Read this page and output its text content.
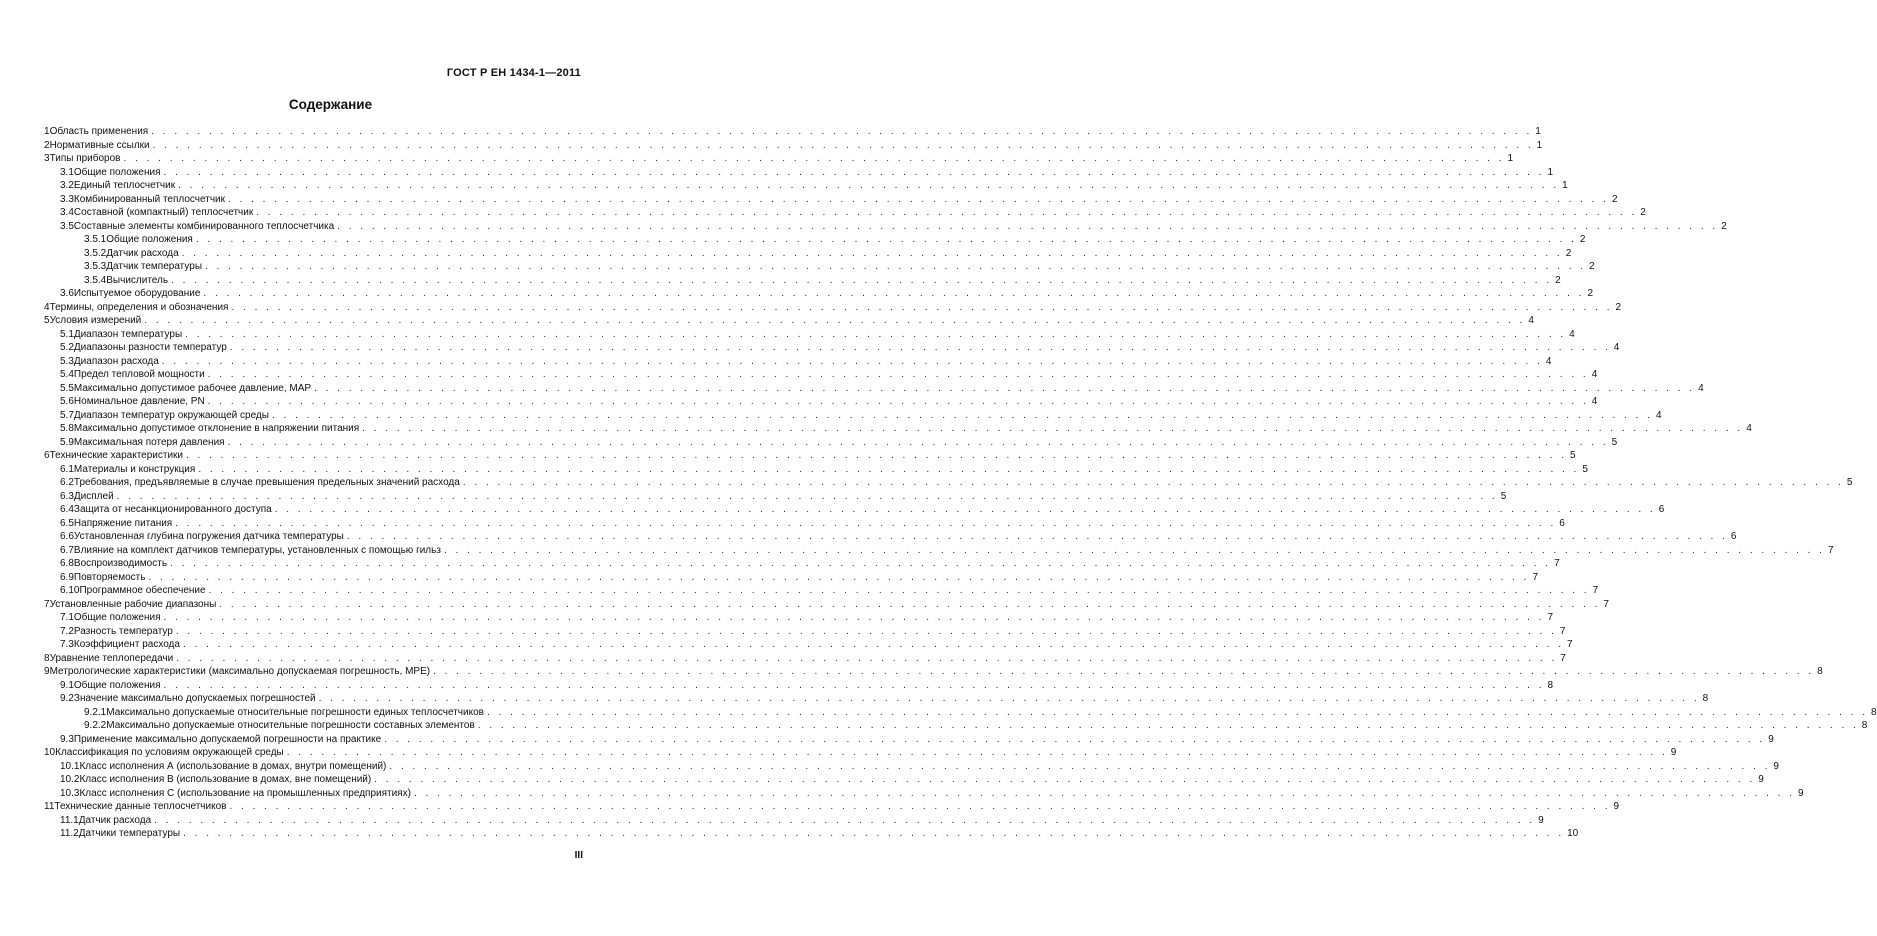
ГОСТ Р ЕН 1434-1—2011
Содержание
1 Область применения . . . . . . . . . . . . . . . . . . . . . . . . . . . . . . . . . . . . . . . . . . . . . . . . . . . . . . . . . . . . . . . . . . . . . . . . . . . . . . . . . . . . . . . . . . . . . . . . . . . . . . . . . . . . . . . . . . . . . . . . 1
2 Нормативные ссылки . . . . . . . . . . . . . . . . . . . . . . . . . . . . . . . . . . . . . . . . . . . . . . . . . . . . . . . . . . . . . . . . . . . . . . . . . . . . . . . . . . . . . . . . . . . . . . . . . . . . . . . . . . . . . . . . . . . . . . . . 1
3 Типы приборов . . . . . . . . . . . . . . . . . . . . . . . . . . . . . . . . . . . . . . . . . . . . . . . . . . . . . . . . . . . . . . . . . . . . . . . . . . . . . . . . . . . . . . . . . . . . . . . . . . . . . . . . . . . . . . . . . . . . . . . . 1
3.1 Общие положения . . . . . . . . . . . . . . . . . . . . . . . . . . . . . . . . . . . . . . . . . . . . . . . . . . . . . . . . . . . . . . . . . . . . . . . . . . . . . . . . . . . . . . . . . . . . . . . . . . . . . . . . . . . . . . . . . . . . . . . . 1
3.2 Единый теплосчетчик . . . . . . . . . . . . . . . . . . . . . . . . . . . . . . . . . . . . . . . . . . . . . . . . . . . . . . . . . . . . . . . . . . . . . . . . . . . . . . . . . . . . . . . . . . . . . . . . . . . . . . . . . . . . . . . . . . . . . . . . 1
3.3 Комбинированный теплосчетчик . . . . . . . . . . . . . . . . . . . . . . . . . . . . . . . . . . . . . . . . . . . . . . . . . . . . . . . . . . . . . . . . . . . . . . . . . . . . . . . . . . . . . . . . . . . . . . . . . . . . . . . . . . . . . . . . . . . . . . . . 2
3.4 Составной (компактный) теплосчетчик . . . . . . . . . . . . . . . . . . . . . . . . . . . . . . . . . . . . . . . . . . . . . . . . . . . . . . . . . . . . . . . . . . . . . . . . . . . . . . . . . . . . . . . . . . . . . . . . . . . . . . . . . . . . . . . . . . . . . . . . 2
3.5 Составные элементы комбинированного теплосчетчика . . . . . . . . . . . . . . . . . . . . . . . . . . . . . . . . . . . . . . . . . . . . . . . . . . . . . . . . . . . . . . . . . . . . . . . . . . . . . . . . . . . . . . . . . . . . . . . . . . . . . . . . . . . . . . . . . . . . . . . . 2
3.5.1 Общие положения . . . . . . . . . . . . . . . . . . . . . . . . . . . . . . . . . . . . . . . . . . . . . . . . . . . . . . . . . . . . . . . . . . . . . . . . . . . . . . . . . . . . . . . . . . . . . . . . . . . . . . . . . . . . . . . . . . . . . . . . 2
3.5.2 Датчик расхода . . . . . . . . . . . . . . . . . . . . . . . . . . . . . . . . . . . . . . . . . . . . . . . . . . . . . . . . . . . . . . . . . . . . . . . . . . . . . . . . . . . . . . . . . . . . . . . . . . . . . . . . . . . . . . . . . . . . . . . . 2
3.5.3 Датчик температуры . . . . . . . . . . . . . . . . . . . . . . . . . . . . . . . . . . . . . . . . . . . . . . . . . . . . . . . . . . . . . . . . . . . . . . . . . . . . . . . . . . . . . . . . . . . . . . . . . . . . . . . . . . . . . . . . . . . . . . . . 2
3.5.4 Вычислитель . . . . . . . . . . . . . . . . . . . . . . . . . . . . . . . . . . . . . . . . . . . . . . . . . . . . . . . . . . . . . . . . . . . . . . . . . . . . . . . . . . . . . . . . . . . . . . . . . . . . . . . . . . . . . . . . . . . . . . . . 2
3.6 Испытуемое оборудование . . . . . . . . . . . . . . . . . . . . . . . . . . . . . . . . . . . . . . . . . . . . . . . . . . . . . . . . . . . . . . . . . . . . . . . . . . . . . . . . . . . . . . . . . . . . . . . . . . . . . . . . . . . . . . . . . . . . . . . . 2
4 Термины, определения и обозначения . . . . . . . . . . . . . . . . . . . . . . . . . . . . . . . . . . . . . . . . . . . . . . . . . . . . . . . . . . . . . . . . . . . . . . . . . . . . . . . . . . . . . . . . . . . . . . . . . . . . . . . . . . . . . . . . . . . . . . . . 2
5 Условия измерений . . . . . . . . . . . . . . . . . . . . . . . . . . . . . . . . . . . . . . . . . . . . . . . . . . . . . . . . . . . . . . . . . . . . . . . . . . . . . . . . . . . . . . . . . . . . . . . . . . . . . . . . . . . . . . . . . . . . . . . . 4
5.1 Диапазон температуры . . . . . . . . . . . . . . . . . . . . . . . . . . . . . . . . . . . . . . . . . . . . . . . . . . . . . . . . . . . . . . . . . . . . . . . . . . . . . . . . . . . . . . . . . . . . . . . . . . . . . . . . . . . . . . . . . . . . . . . . 4
5.2 Диапазоны разности температур . . . . . . . . . . . . . . . . . . . . . . . . . . . . . . . . . . . . . . . . . . . . . . . . . . . . . . . . . . . . . . . . . . . . . . . . . . . . . . . . . . . . . . . . . . . . . . . . . . . . . . . . . . . . . . . . . . . . . . . . 4
5.3 Диапазон расхода . . . . . . . . . . . . . . . . . . . . . . . . . . . . . . . . . . . . . . . . . . . . . . . . . . . . . . . . . . . . . . . . . . . . . . . . . . . . . . . . . . . . . . . . . . . . . . . . . . . . . . . . . . . . . . . . . . . . . . . . 4
5.4 Предел тепловой мощности . . . . . . . . . . . . . . . . . . . . . . . . . . . . . . . . . . . . . . . . . . . . . . . . . . . . . . . . . . . . . . . . . . . . . . . . . . . . . . . . . . . . . . . . . . . . . . . . . . . . . . . . . . . . . . . . . . . . . . . . 4
5.5 Максимально допустимое рабочее давление, MAP . . . . . . . . . . . . . . . . . . . . . . . . . . . . . . . . . . . . . . . . . . . . . . . . . . . . . . . . . . . . . . . . . . . . . . . . . . . . . . . . . . . . . . . . . . . . . . . . . . . . . . . . . . . . . . . . . . . . . . . . 4
5.6 Номинальное давление, PN . . . . . . . . . . . . . . . . . . . . . . . . . . . . . . . . . . . . . . . . . . . . . . . . . . . . . . . . . . . . . . . . . . . . . . . . . . . . . . . . . . . . . . . . . . . . . . . . . . . . . . . . . . . . . . . . . . . . . . . . 4
5.7 Диапазон температур окружающей среды . . . . . . . . . . . . . . . . . . . . . . . . . . . . . . . . . . . . . . . . . . . . . . . . . . . . . . . . . . . . . . . . . . . . . . . . . . . . . . . . . . . . . . . . . . . . . . . . . . . . . . . . . . . . . . . . . . . . . . . . 4
5.8 Максимально допустимое отклонение в напряжении питания . . . . . . . . . . . . . . . . . . . . . . . . . . . . . . . . . . . . . . . . . . . . . . . . . . . . . . . . . . . . . . . . . . . . . . . . . . . . . . . . . . . . . . . . . . . . . . . . . . . . . . . . . . . . . . . . . . . . . . . . 4
5.9 Максимальная потеря давления . . . . . . . . . . . . . . . . . . . . . . . . . . . . . . . . . . . . . . . . . . . . . . . . . . . . . . . . . . . . . . . . . . . . . . . . . . . . . . . . . . . . . . . . . . . . . . . . . . . . . . . . . . . . . . . . . . . . . . . . 5
6 Технические характеристики . . . . . . . . . . . . . . . . . . . . . . . . . . . . . . . . . . . . . . . . . . . . . . . . . . . . . . . . . . . . . . . . . . . . . . . . . . . . . . . . . . . . . . . . . . . . . . . . . . . . . . . . . . . . . . . . . . . . . . . . 5
6.1 Материалы и конструкция . . . . . . . . . . . . . . . . . . . . . . . . . . . . . . . . . . . . . . . . . . . . . . . . . . . . . . . . . . . . . . . . . . . . . . . . . . . . . . . . . . . . . . . . . . . . . . . . . . . . . . . . . . . . . . . . . . . . . . . . 5
6.2 Требования, предъявляемые в случае превышения предельных значений расхода . . . . . . . . . . . . . . . . . . . . . . . . . . . . . . . . . . . . . . . . . . . . . . . . . . . . . . . . . . . . . . . . . . . . . . . . . . . . . . . . . . . . . . . . . . . . . . . . . . . . . . . . . . . . . . . . . . . . . . . . 5
6.3 Дисплей . . . . . . . . . . . . . . . . . . . . . . . . . . . . . . . . . . . . . . . . . . . . . . . . . . . . . . . . . . . . . . . . . . . . . . . . . . . . . . . . . . . . . . . . . . . . . . . . . . . . . . . . . . . . . . . . . . . . . . . . 5
6.4 Защита от несанкционированного доступа . . . . . . . . . . . . . . . . . . . . . . . . . . . . . . . . . . . . . . . . . . . . . . . . . . . . . . . . . . . . . . . . . . . . . . . . . . . . . . . . . . . . . . . . . . . . . . . . . . . . . . . . . . . . . . . . . . . . . . . . 6
6.5 Напряжение питания . . . . . . . . . . . . . . . . . . . . . . . . . . . . . . . . . . . . . . . . . . . . . . . . . . . . . . . . . . . . . . . . . . . . . . . . . . . . . . . . . . . . . . . . . . . . . . . . . . . . . . . . . . . . . . . . . . . . . . . . 6
6.6 Установленная глубина погружения датчика температуры . . . . . . . . . . . . . . . . . . . . . . . . . . . . . . . . . . . . . . . . . . . . . . . . . . . . . . . . . . . . . . . . . . . . . . . . . . . . . . . . . . . . . . . . . . . . . . . . . . . . . . . . . . . . . . . . . . . . . . . . 6
6.7 Влияние на комплект датчиков температуры, установленных с помощью гильз . . . . . . . . . . . . . . . . . . . . . . . . . . . . . . . . . . . . . . . . . . . . . . . . . . . . . . . . . . . . . . . . . . . . . . . . . . . . . . . . . . . . . . . . . . . . . . . . . . . . . . . . . . . . . . . . . . . . . . . . 7
6.8 Воспроизводимость . . . . . . . . . . . . . . . . . . . . . . . . . . . . . . . . . . . . . . . . . . . . . . . . . . . . . . . . . . . . . . . . . . . . . . . . . . . . . . . . . . . . . . . . . . . . . . . . . . . . . . . . . . . . . . . . . . . . . . . . 7
6.9 Повторяемость . . . . . . . . . . . . . . . . . . . . . . . . . . . . . . . . . . . . . . . . . . . . . . . . . . . . . . . . . . . . . . . . . . . . . . . . . . . . . . . . . . . . . . . . . . . . . . . . . . . . . . . . . . . . . . . . . . . . . . . . 7
6.10 Программное обеспечение . . . . . . . . . . . . . . . . . . . . . . . . . . . . . . . . . . . . . . . . . . . . . . . . . . . . . . . . . . . . . . . . . . . . . . . . . . . . . . . . . . . . . . . . . . . . . . . . . . . . . . . . . . . . . . . . . . . . . . . . 7
7 Установленные рабочие диапазоны . . . . . . . . . . . . . . . . . . . . . . . . . . . . . . . . . . . . . . . . . . . . . . . . . . . . . . . . . . . . . . . . . . . . . . . . . . . . . . . . . . . . . . . . . . . . . . . . . . . . . . . . . . . . . . . . . . . . . . . . 7
7.1 Общие положения . . . . . . . . . . . . . . . . . . . . . . . . . . . . . . . . . . . . . . . . . . . . . . . . . . . . . . . . . . . . . . . . . . . . . . . . . . . . . . . . . . . . . . . . . . . . . . . . . . . . . . . . . . . . . . . . . . . . . . . . 7
7.2 Разность температур . . . . . . . . . . . . . . . . . . . . . . . . . . . . . . . . . . . . . . . . . . . . . . . . . . . . . . . . . . . . . . . . . . . . . . . . . . . . . . . . . . . . . . . . . . . . . . . . . . . . . . . . . . . . . . . . . . . . . . . . 7
7.3 Коэффициент расхода . . . . . . . . . . . . . . . . . . . . . . . . . . . . . . . . . . . . . . . . . . . . . . . . . . . . . . . . . . . . . . . . . . . . . . . . . . . . . . . . . . . . . . . . . . . . . . . . . . . . . . . . . . . . . . . . . . . . . . . . 7
8 Уравнение теплопередачи . . . . . . . . . . . . . . . . . . . . . . . . . . . . . . . . . . . . . . . . . . . . . . . . . . . . . . . . . . . . . . . . . . . . . . . . . . . . . . . . . . . . . . . . . . . . . . . . . . . . . . . . . . . . . . . . . . . . . . . . 7
9 Метрологические характеристики (максимально допускаемая погрешность, MPE) . . . . . . . . . . . . . . . . . . . . . . . . . . . . . . . . . . . . . . . . . . . . . . . . . . . . . . . . . . . . . . . . . . . . . . . . . . . . . . . . . . . . . . . . . . . . . . . . . . . . . . . . . . . . . . . . . . . . . . . . 8
9.1 Общие положения . . . . . . . . . . . . . . . . . . . . . . . . . . . . . . . . . . . . . . . . . . . . . . . . . . . . . . . . . . . . . . . . . . . . . . . . . . . . . . . . . . . . . . . . . . . . . . . . . . . . . . . . . . . . . . . . . . . . . . . . 8
9.2 Значение максимально допускаемых погрешностей . . . . . . . . . . . . . . . . . . . . . . . . . . . . . . . . . . . . . . . . . . . . . . . . . . . . . . . . . . . . . . . . . . . . . . . . . . . . . . . . . . . . . . . . . . . . . . . . . . . . . . . . . . . . . . . . . . . . . . . . 8
9.2.1 Максимально допускаемые относительные погрешности единых теплосчетчиков . . . . . . . . . . . . . . . . . . . . . . . . . . . . . . . . . . . . . . . . . . . . . . . . . . . . . . . . . . . . . . . . . . . . . . . . . . . . . . . . . . . . . . . . . . . . . . . . . . . . . . . . . . . . . . . . . . . . . . . . 8
9.2.2 Максимально допускаемые относительные погрешности составных элементов . . . . . . . . . . . . . . . . . . . . . . . . . . . . . . . . . . . . . . . . . . . . . . . . . . . . . . . . . . . . . . . . . . . . . . . . . . . . . . . . . . . . . . . . . . . . . . . . . . . . . . . . . . . . . . . . . . . . . . . . 8
9.3 Применение максимально допускаемой погрешности на практике . . . . . . . . . . . . . . . . . . . . . . . . . . . . . . . . . . . . . . . . . . . . . . . . . . . . . . . . . . . . . . . . . . . . . . . . . . . . . . . . . . . . . . . . . . . . . . . . . . . . . . . . . . . . . . . . . . . . . . . . 9
10 Классификация по условиям окружающей среды . . . . . . . . . . . . . . . . . . . . . . . . . . . . . . . . . . . . . . . . . . . . . . . . . . . . . . . . . . . . . . . . . . . . . . . . . . . . . . . . . . . . . . . . . . . . . . . . . . . . . . . . . . . . . . . . . . . . . . . . 9
10.1 Класс исполнения А (использование в домах, внутри помещений) . . . . . . . . . . . . . . . . . . . . . . . . . . . . . . . . . . . . . . . . . . . . . . . . . . . . . . . . . . . . . . . . . . . . . . . . . . . . . . . . . . . . . . . . . . . . . . . . . . . . . . . . . . . . . . . . . . . . . . . . 9
10.2 Класс исполнения В (использование в домах, вне помещений) . . . . . . . . . . . . . . . . . . . . . . . . . . . . . . . . . . . . . . . . . . . . . . . . . . . . . . . . . . . . . . . . . . . . . . . . . . . . . . . . . . . . . . . . . . . . . . . . . . . . . . . . . . . . . . . . . . . . . . . . 9
10.3 Класс исполнения С (использование на промышленных предприятиях) . . . . . . . . . . . . . . . . . . . . . . . . . . . . . . . . . . . . . . . . . . . . . . . . . . . . . . . . . . . . . . . . . . . . . . . . . . . . . . . . . . . . . . . . . . . . . . . . . . . . . . . . . . . . . . . . . . . . . . . . 9
11 Технические данные теплосчетчиков . . . . . . . . . . . . . . . . . . . . . . . . . . . . . . . . . . . . . . . . . . . . . . . . . . . . . . . . . . . . . . . . . . . . . . . . . . . . . . . . . . . . . . . . . . . . . . . . . . . . . . . . . . . . . . . . . . . . . . . . 9
11.1 Датчик расхода . . . . . . . . . . . . . . . . . . . . . . . . . . . . . . . . . . . . . . . . . . . . . . . . . . . . . . . . . . . . . . . . . . . . . . . . . . . . . . . . . . . . . . . . . . . . . . . . . . . . . . . . . . . . . . . . . . . . . . . . 9
11.2 Датчики температуры . . . . . . . . . . . . . . . . . . . . . . . . . . . . . . . . . . . . . . . . . . . . . . . . . . . . . . . . . . . . . . . . . . . . . . . . . . . . . . . . . . . . . . . . . . . . . . . . . . . . . . . . . . . . . . . . . . . . . . . . 10
III
